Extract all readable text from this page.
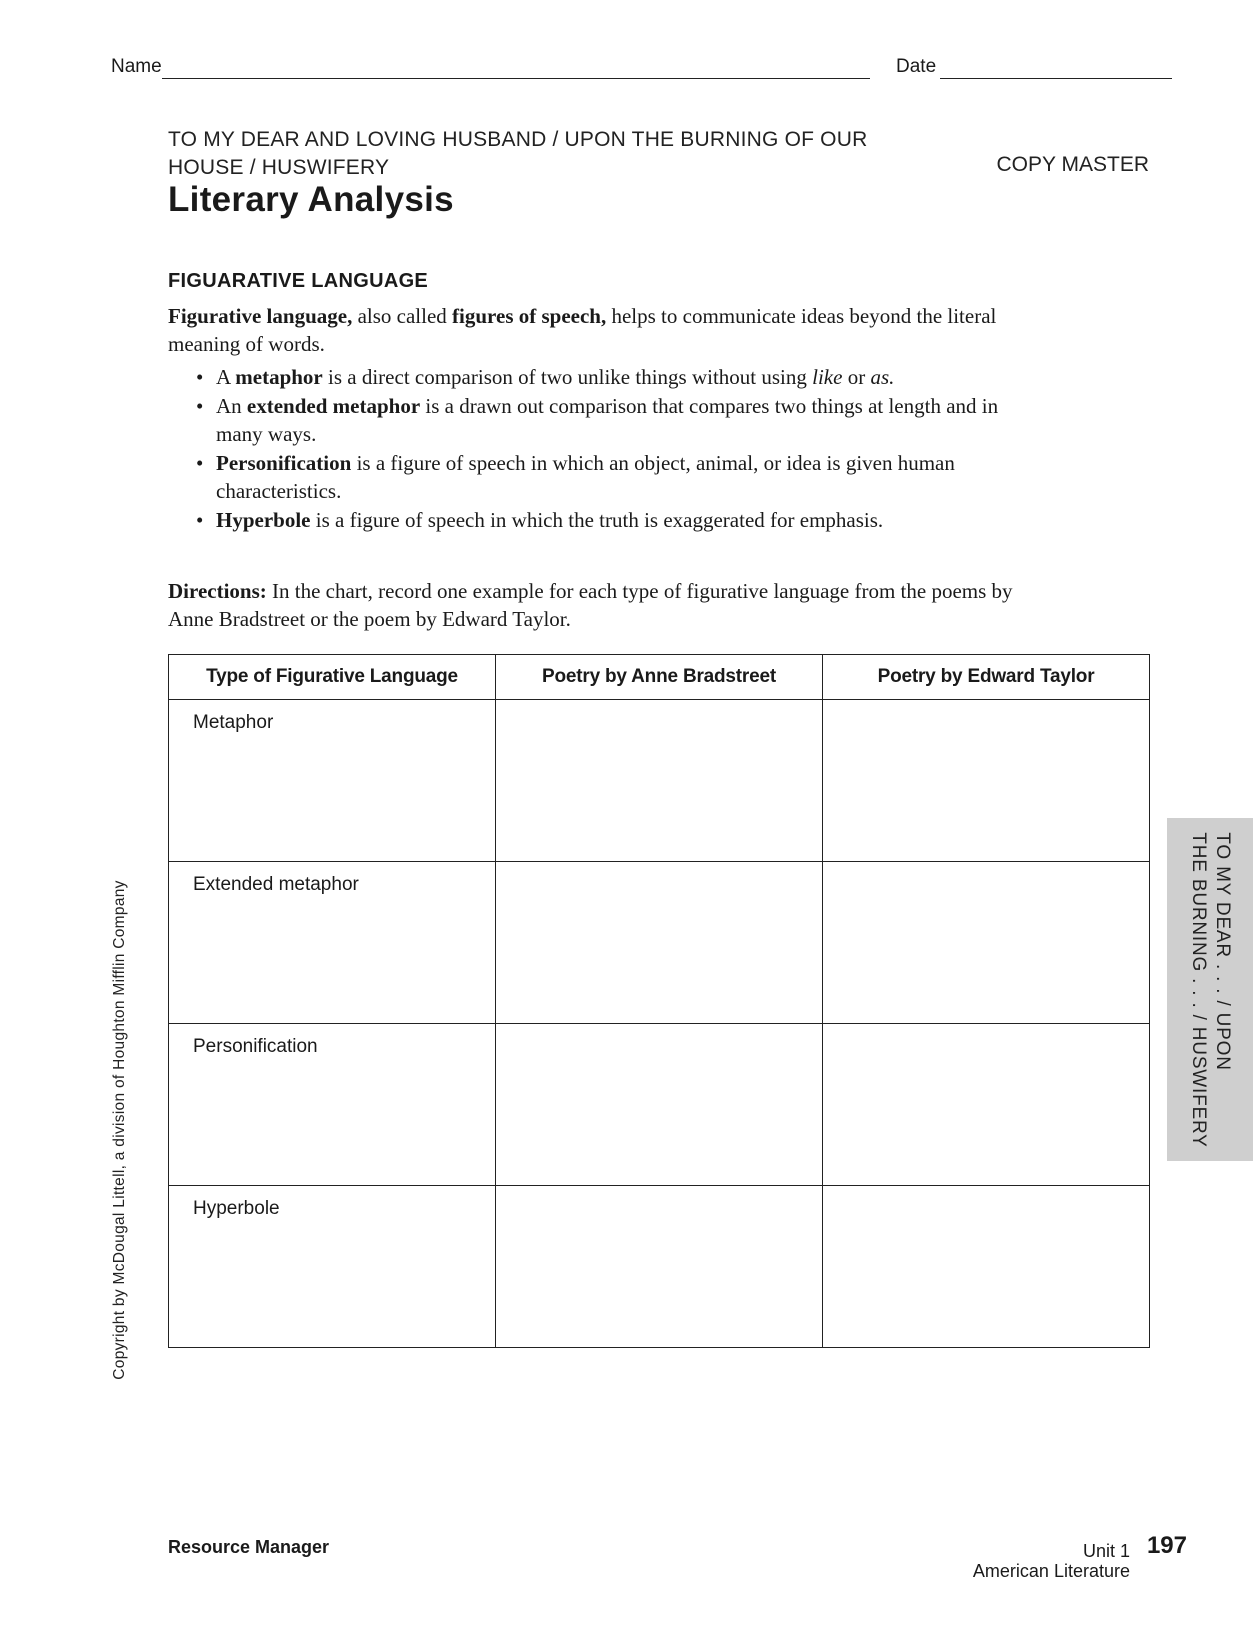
Name	Date
TO MY DEAR AND LOVING HUSBAND / UPON THE BURNING OF OUR
HOUSE / HUSWIFERY	COPY MASTER
Literary Analysis
FIGUARATIVE LANGUAGE

Figurative language, also called figures of speech, helps to communicate ideas beyond the literal meaning of words.

• A metaphor is a direct comparison of two unlike things without using like or as.
• An extended metaphor is a drawn out comparison that compares two things at length and in many ways.
• Personification is a figure of speech in which an object, animal, or idea is given human characteristics.
• Hyperbole is a figure of speech in which the truth is exaggerated for emphasis.

Directions: In the chart, record one example for each type of figurative language from the poems by Anne Bradstreet or the poem by Edward Taylor.

Type of Figurative Language	Poetry by Anne Bradstreet	Poetry by Edward Taylor
Metaphor		
Extended metaphor		
Personification		
Hyperbole		
TO MY DEAR . . . / UPON
THE BURNING . . . / HUSWIFERY
Copyright by McDougal Littell, a division of Houghton Mifflin Company
Resource Manager	Unit 1 197
American Literature
